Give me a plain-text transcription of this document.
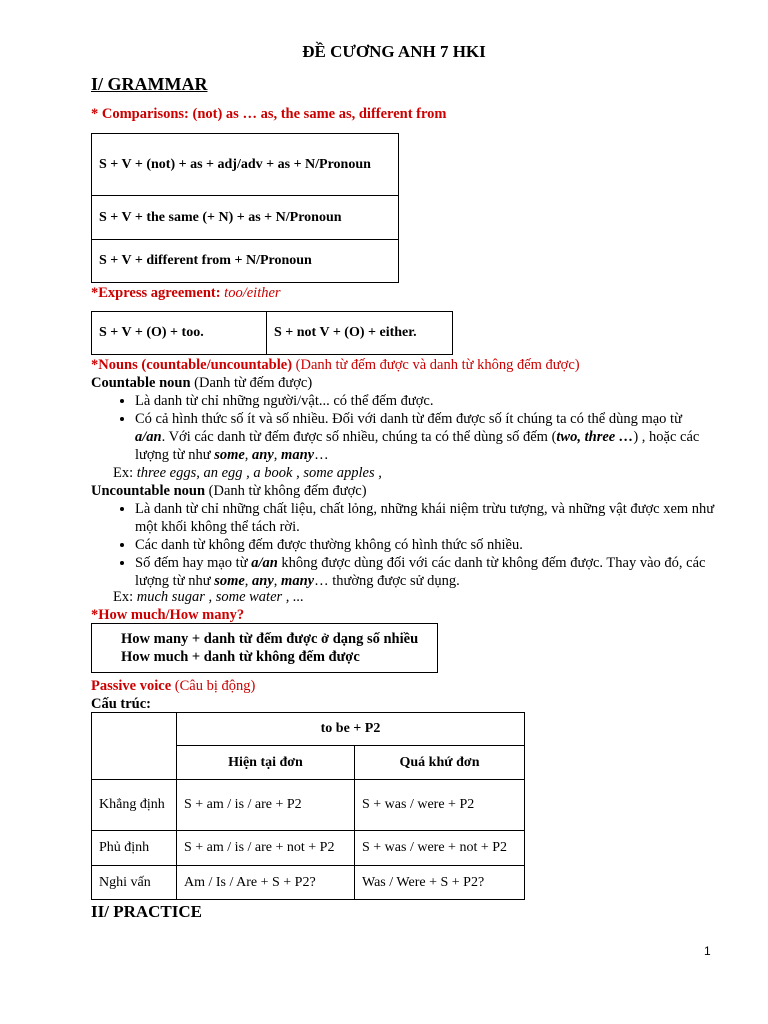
ĐỀ CƯƠNG ANH 7 HKI
I/ GRAMMAR
* Comparisons: (not) as … as, the same as, different from
S + V + (not) + as + adj/adv + as + N/Pronoun
S + V + the same (+ N) + as + N/Pronoun
S + V + different from + N/Pronoun
*Express agreement: too/either
S + V + (O) + too.	S + not V + (O) + either.
*Nouns (countable/uncountable) (Danh từ đếm được và danh từ không đếm được)
Countable noun (Danh từ đếm được)
• Là danh từ chỉ những người/vật... có thể đếm được.
• Có cả hình thức số ít và số nhiều. Đối với danh từ đếm được số ít chúng ta có thể dùng mạo từ a/an. Với các danh từ đếm được số nhiều, chúng ta có thể dùng số đếm (two, three …) , hoặc các lượng từ như some, any, many…
Ex: three eggs, an egg , a book , some apples ,
Uncountable noun (Danh từ không đếm được)
• Là danh từ chỉ những chất liệu, chất lỏng, những khái niệm trừu tượng, và những vật được xem như một khối không thể tách rời.
• Các danh từ không đếm được thường không có hình thức số nhiều.
• Số đếm hay mạo từ a/an không được dùng đối với các danh từ không đếm được. Thay vào đó, các lượng từ như some, any, many… thường được sử dụng.
Ex: much sugar , some water , ...
*How much/How many?
How many + danh từ đếm được ở dạng số nhiều
How much + danh từ không đếm được
Passive voice (Câu bị động)
Cấu trúc:
	to be + P2	
	Hiện tại đơn	Quá khứ đơn
Khẳng định	S + am / is / are + P2	S + was / were + P2
Phủ định	S + am / is / are + not + P2	S + was / were + not + P2
Nghi vấn	Am / Is / Are + S + P2?	Was / Were + S + P2?
II/ PRACTICE
1
